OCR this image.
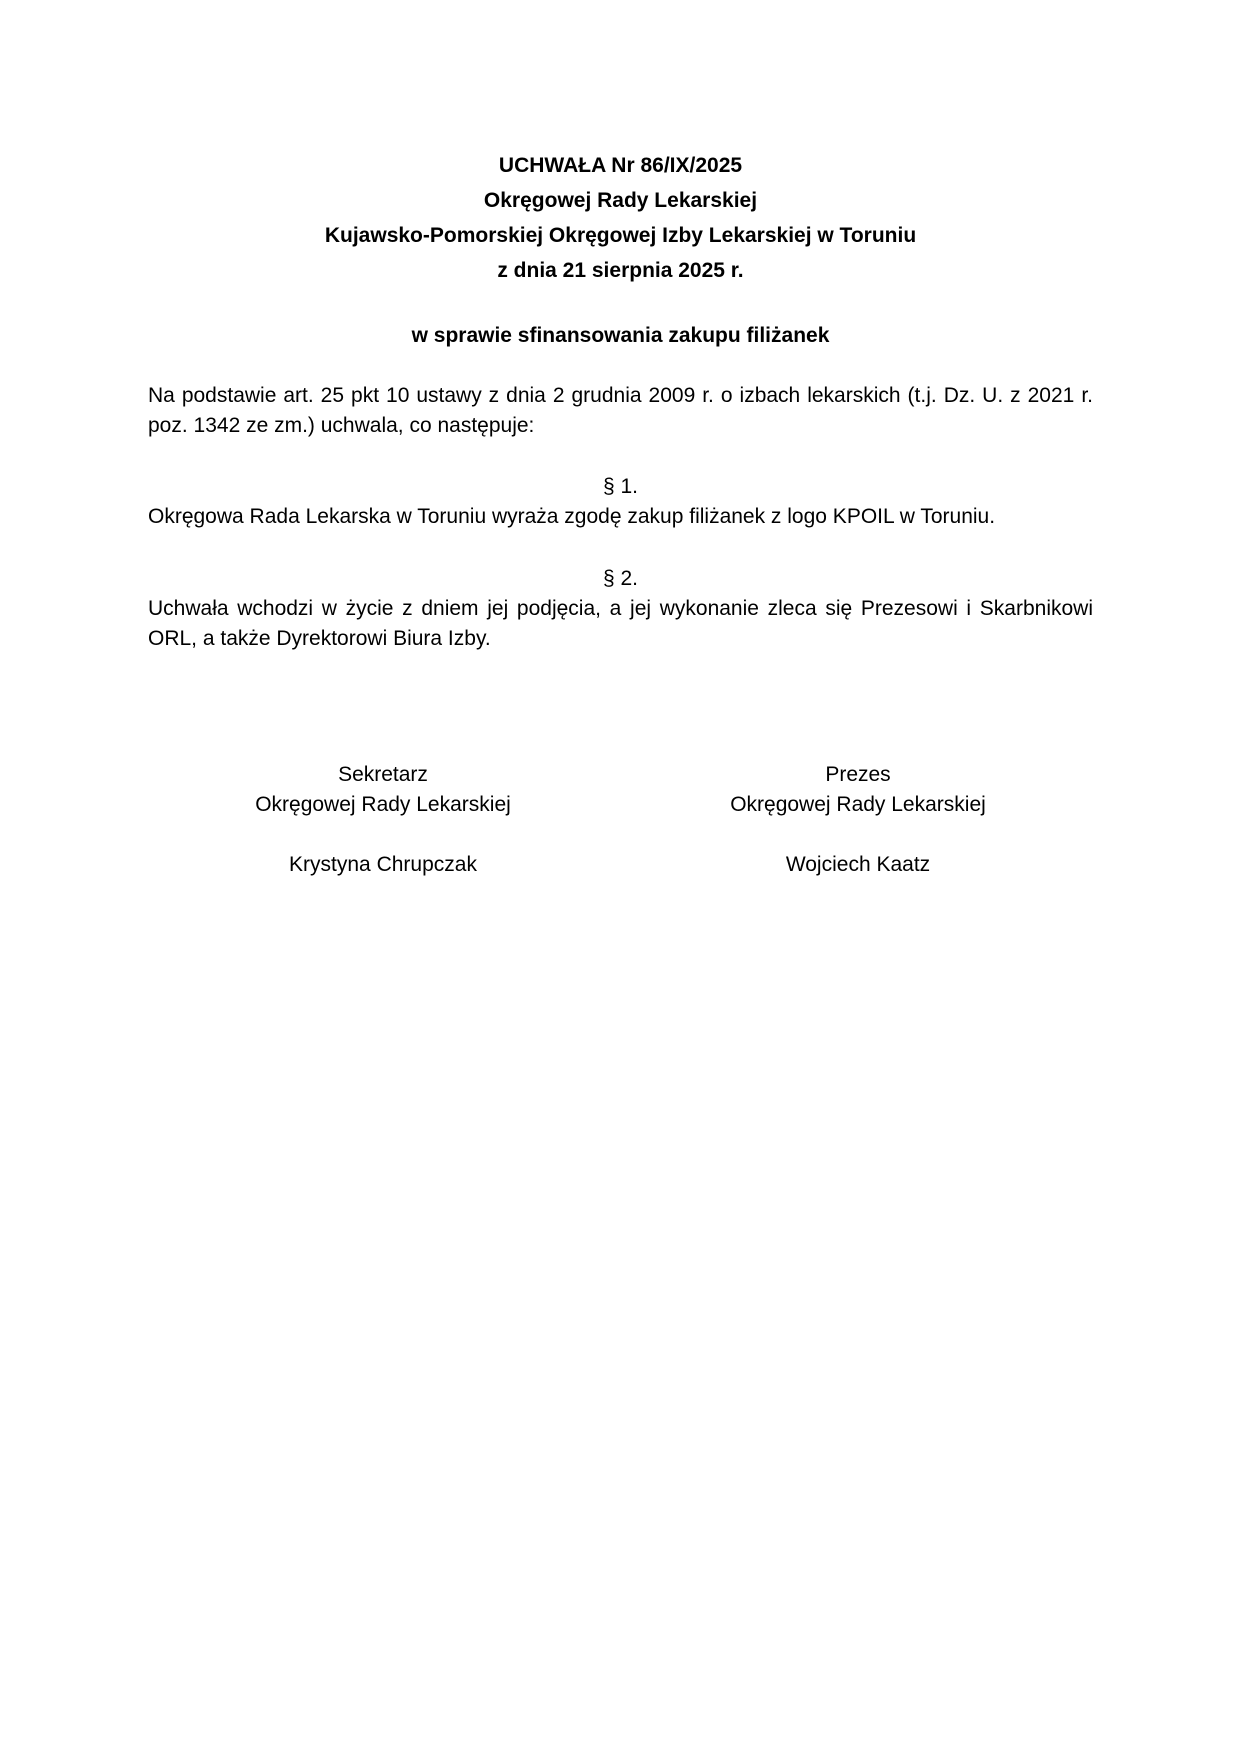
UCHWAŁA Nr 86/IX/2025
Okręgowej Rady Lekarskiej
Kujawsko-Pomorskiej Okręgowej Izby Lekarskiej w Toruniu
z dnia 21 sierpnia 2025 r.
w sprawie sfinansowania zakupu filiżanek
Na podstawie art. 25 pkt 10 ustawy z dnia 2 grudnia 2009 r. o izbach lekarskich (t.j. Dz. U. z 2021 r. poz. 1342 ze zm.) uchwala, co następuje:
§ 1.
Okręgowa Rada Lekarska w Toruniu wyraża zgodę zakup filiżanek z logo KPOIL w Toruniu.
§ 2.
Uchwała wchodzi w życie z dniem jej podjęcia, a jej wykonanie zleca się Prezesowi i Skarbnikowi ORL, a także Dyrektorowi Biura Izby.
Sekretarz
Okręgowej Rady Lekarskiej
Krystyna Chrupczak
Prezes
Okręgowej Rady Lekarskiej
Wojciech Kaatz
